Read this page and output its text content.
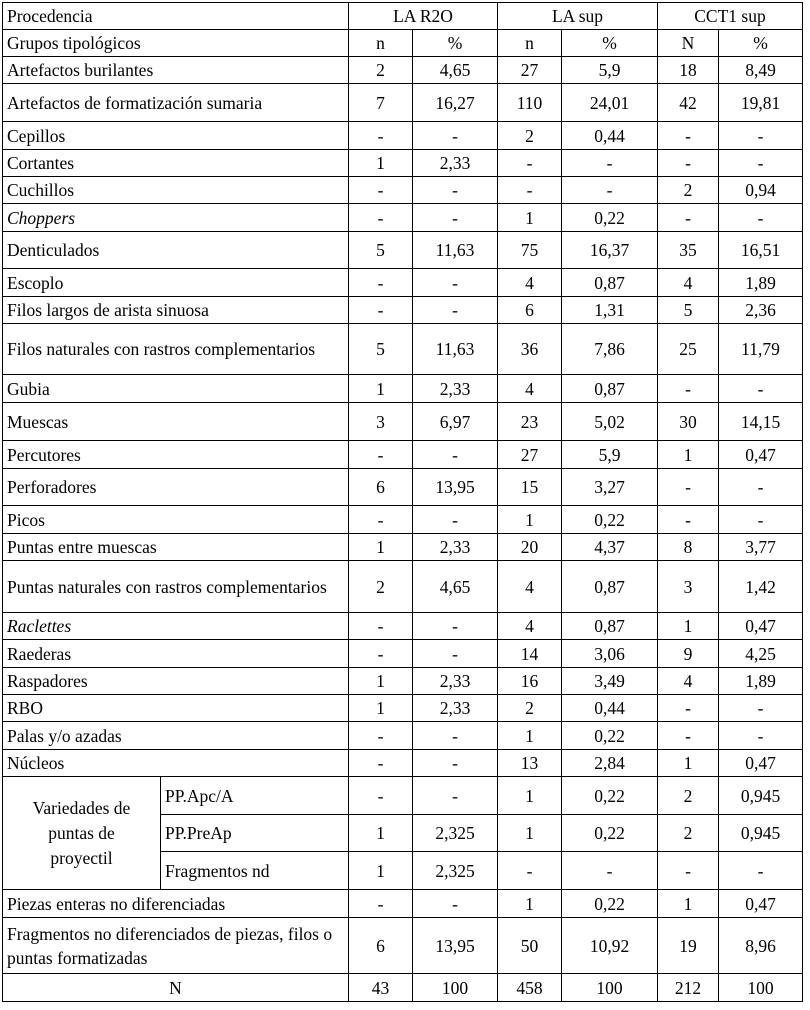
Procedencia		LA R2O		LA sup		CCT1 sup	
Grupos tipológicos		n	%	n	%	N	%
Artefactos burilantes		2	4,65	27	5,9	18	8,49
Artefactos de formatización sumaria		7	16,27	110	24,01	42	19,81
Cepillos		-	-	2	0,44	-	-
Cortantes		1	2,33	-	-	-	-
Cuchillos		-	-	-	-	2	0,94
Choppers		-	-	1	0,22	-	-
Denticulados		5	11,63	75	16,37	35	16,51
Escoplo		-	-	4	0,87	4	1,89
Filos largos de arista sinuosa		-	-	6	1,31	5	2,36
Filos naturales con rastros complementarios		5	11,63	36	7,86	25	11,79
Gubia		1	2,33	4	0,87	-	-
Muescas		3	6,97	23	5,02	30	14,15
Percutores		-	-	27	5,9	1	0,47
Perforadores		6	13,95	15	3,27	-	-
Picos		-	-	1	0,22	-	-
Puntas entre muescas		1	2,33	20	4,37	8	3,77
Puntas naturales con rastros complementarios		2	4,65	4	0,87	3	1,42
Raclettes		-	-	4	0,87	1	0,47
Raederas		-	-	14	3,06	9	4,25
Raspadores		1	2,33	16	3,49	4	1,89
RBO		1	2,33	2	0,44	-	-
Palas y/o azadas		-	-	1	0,22	-	-
Núcleos		-	-	13	2,84	1	0,47
Variedades de puntas de proyectil	PP.Apc/A	-	-	1	0,22	2	0,945
	PP.PreAp	1	2,325	1	0,22	2	0,945
	Fragmentos nd	1	2,325	-	-	-	-
Piezas enteras no diferenciadas		-	-	1	0,22	1	0,47
Fragmentos no diferenciados de piezas, filos o puntas formatizadas		6	13,95	50	10,92	19	8,96
N		43	100	458	100	212	100
